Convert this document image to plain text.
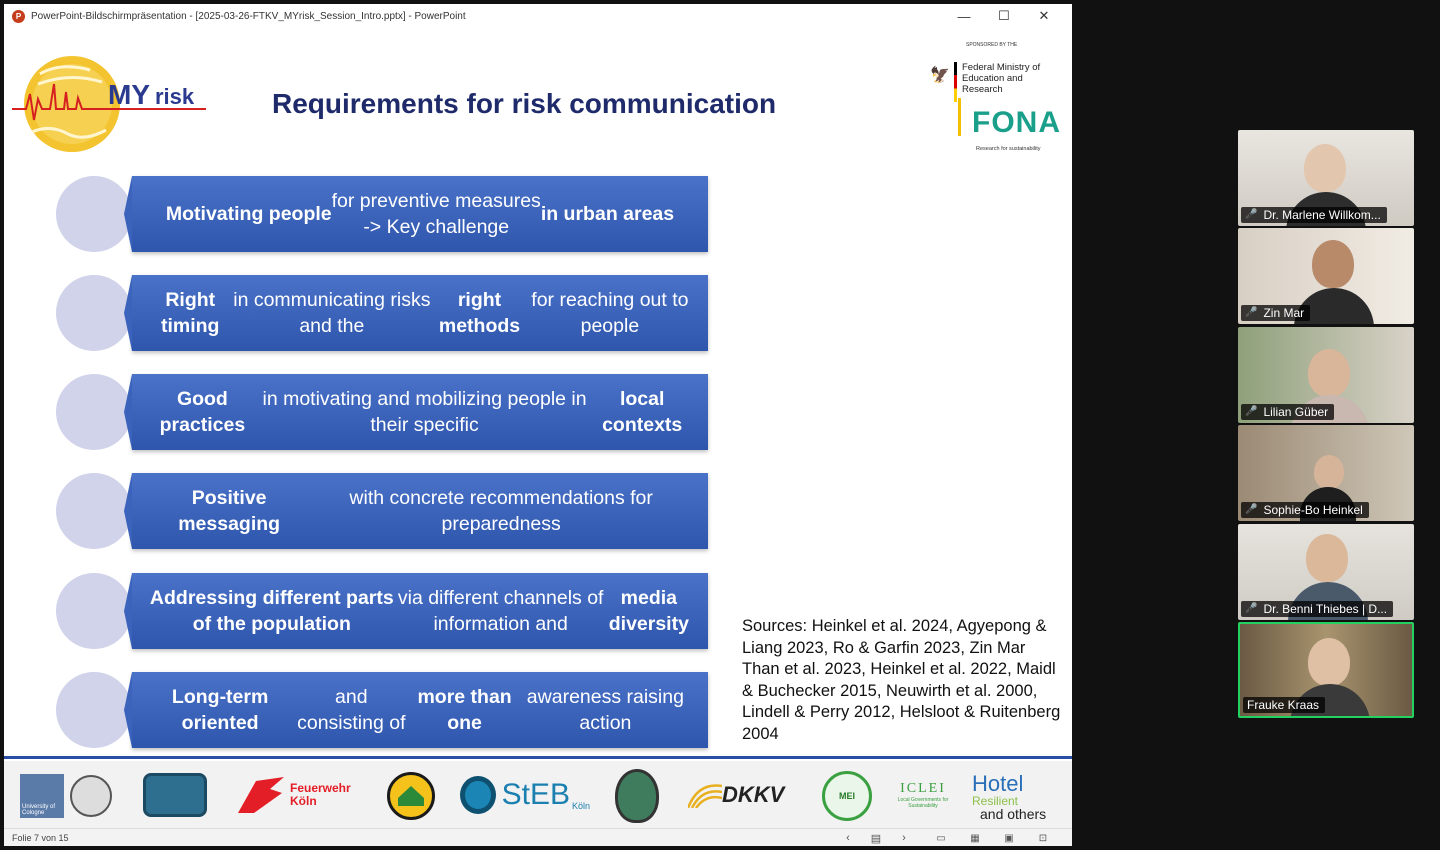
P PowerPoint-Bildschirmpräsentation - [2025-03-26-FTKV_MYrisk_Session_Intro.pptx] - PowerPoint	—	☐	✕
MY risk	Requirements for risk communication
SPONSORED BY THE
🦅 Federal Ministry of Education and Research
FONA
Research for sustainability
Motivating people
for preventive measures
-> Key challenge
in urban areas
Right timing
in communicating risks and the
right methods
for reaching out to people
Good practices
in motivating and mobilizing people in their specific
local contexts
Positive messaging
with concrete recommendations for preparedness
Addressing different parts of the population
via different channels of information and
media diversity
Long-term oriented
and consisting of
more than one
awareness raising action
Sources: Heinkel et al. 2024, Agyepong & Liang 2023, Ro & Garfin 2023, Zin Mar Than et al. 2023, Heinkel et al. 2022, Maidl & Buchecker 2015, Neuwirth et al. 2000, Lindell & Perry 2012, Helsloot & Ruitenberg 2004
University of Cologne
Feuerwehr Köln	StEB Köln	DKKV	MEI	ICLEI
Local Governments for Sustainability
Hotel
Resilient
and others
Folie 7 von 15	‹	▤	›	▭	▦	▣	⊡
🎤 Dr. Marlene Willkom...
🎤 Zin Mar
🎤 Lilian Güber
🎤 Sophie-Bo Heinkel
🎤 Dr. Benni Thiebes | D...
Frauke Kraas
